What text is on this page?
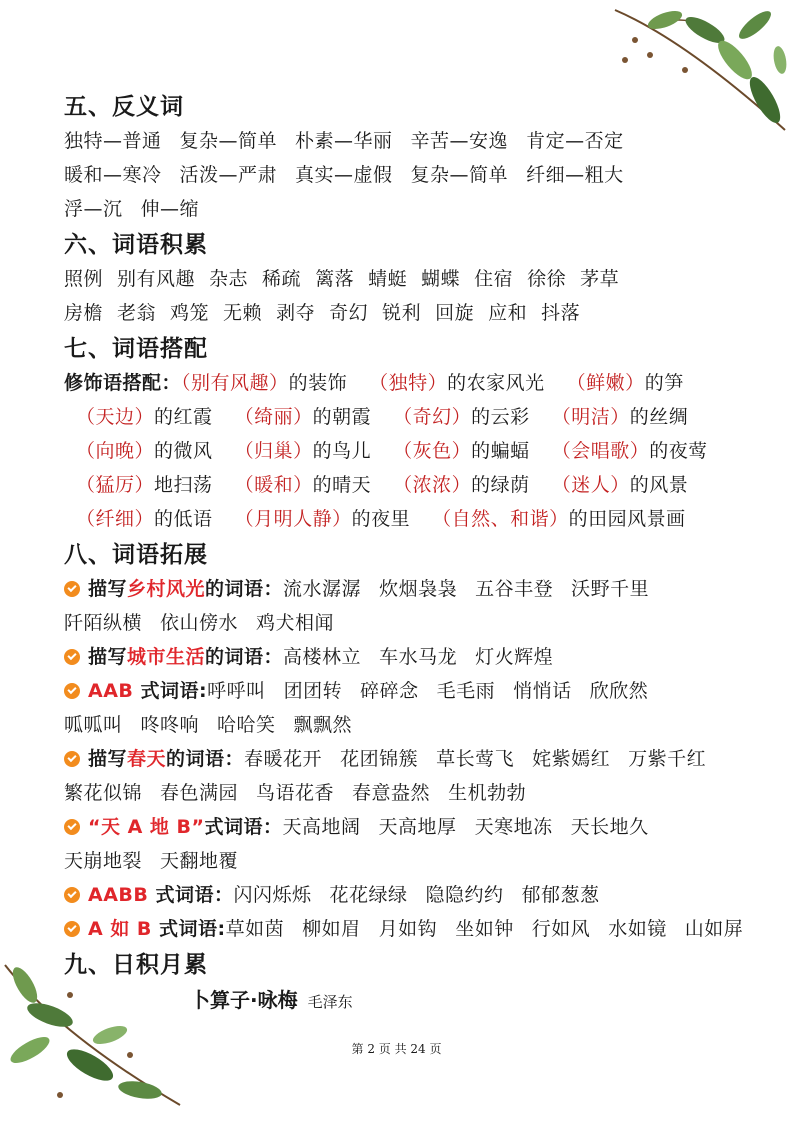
五、反义词
独特—普通 复杂—简单 朴素—华丽 辛苦—安逸 肯定—否定
暖和—寒冷 活泼—严肃 真实—虚假 复杂—简单 纤细—粗大
浮—沉 伸—缩
六、词语积累
照例 别有风趣 杂志 稀疏 篱落 蜻蜓 蝴蝶 住宿 徐徐 茅草
房檐 老翁 鸡笼 无赖 剥夺 奇幻 锐利 回旋 应和 抖落
七、词语搭配
修饰语搭配：（别有风趣）的装饰 （独特）的农家风光 （鲜嫩）的笋
（天边）的红霞 （绮丽）的朝霞 （奇幻）的云彩 （明洁）的丝绸
（向晚）的微风 （归巢）的鸟儿 （灰色）的蝙蝠 （会唱歌）的夜莺
（猛厉）地扫荡 （暖和）的晴天 （浓浓）的绿荫 （迷人）的风景
（纤细）的低语 （月明人静）的夜里 （自然、和谐）的田园风景画
八、词语拓展
描写乡村风光的词语：流水潺潺 炊烟袅袅 五谷丰登 沃野千里
阡陌纵横 依山傍水 鸡犬相闻
描写城市生活的词语：高楼林立 车水马龙 灯火辉煌
AAB 式词语:呼呼叫 团团转 碎碎念 毛毛雨 悄悄话 欣欣然
呱呱叫 咚咚响 哈哈笑 飘飘然
描写春天的词语：春暖花开 花团锦簇 草长莺飞 姹紫嫣红 万紫千红
繁花似锦 春色满园 鸟语花香 春意盎然 生机勃勃
“天 A 地 B”式词语：天高地阔 天高地厚 天寒地冻 天长地久
天崩地裂 天翻地覆
AABB 式词语：闪闪烁烁 花花绿绿 隐隐约约 郁郁葱葱
A 如 B 式词语:草如茵 柳如眉 月如钩 坐如钟 行如风 水如镜 山如屏
九、日积月累
卜算子·咏梅 毛泽东
第 2 页 共 24 页
